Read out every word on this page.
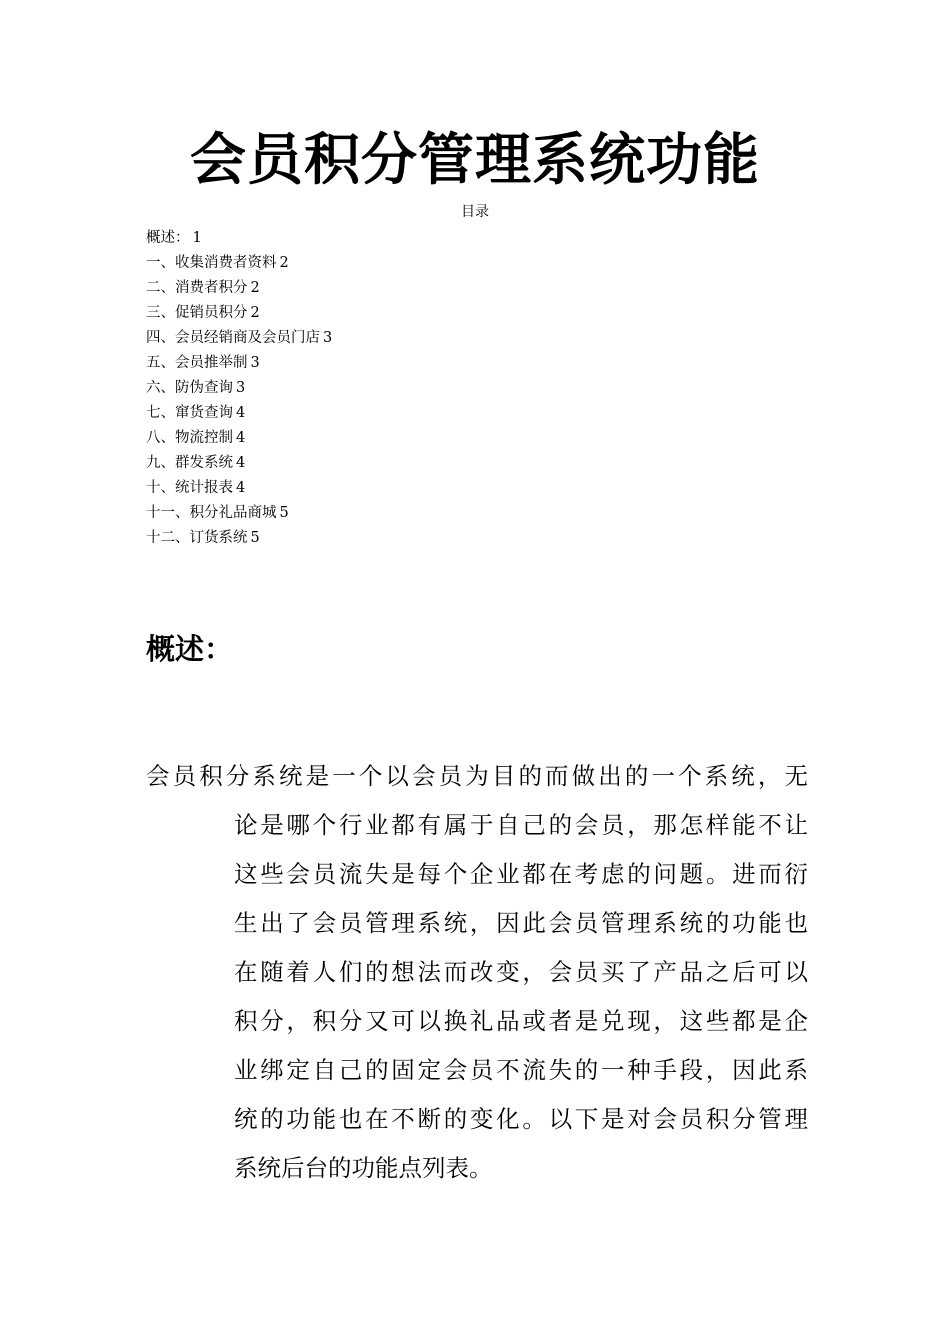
会员积分管理系统功能
目录
概述： 1
一、收集消费者资料 2
二、消费者积分 2
三、促销员积分 2
四、会员经销商及会员门店 3
五、会员推举制 3
六、防伪查询 3
七、窜货查询 4
八、物流控制 4
九、群发系统 4
十、统计报表 4
十一、积分礼品商城 5
十二、订货系统 5
概述：
会员积分系统是一个以会员为目的而做出的一个系统，无
论是哪个行业都有属于自己的会员，那怎样能不让
这些会员流失是每个企业都在考虑的问题。进而衍
生出了会员管理系统，因此会员管理系统的功能也
在随着人们的想法而改变，会员买了产品之后可以
积分，积分又可以换礼品或者是兑现，这些都是企
业绑定自己的固定会员不流失的一种手段，因此系
统的功能也在不断的变化。以下是对会员积分管理
系统后台的功能点列表。
